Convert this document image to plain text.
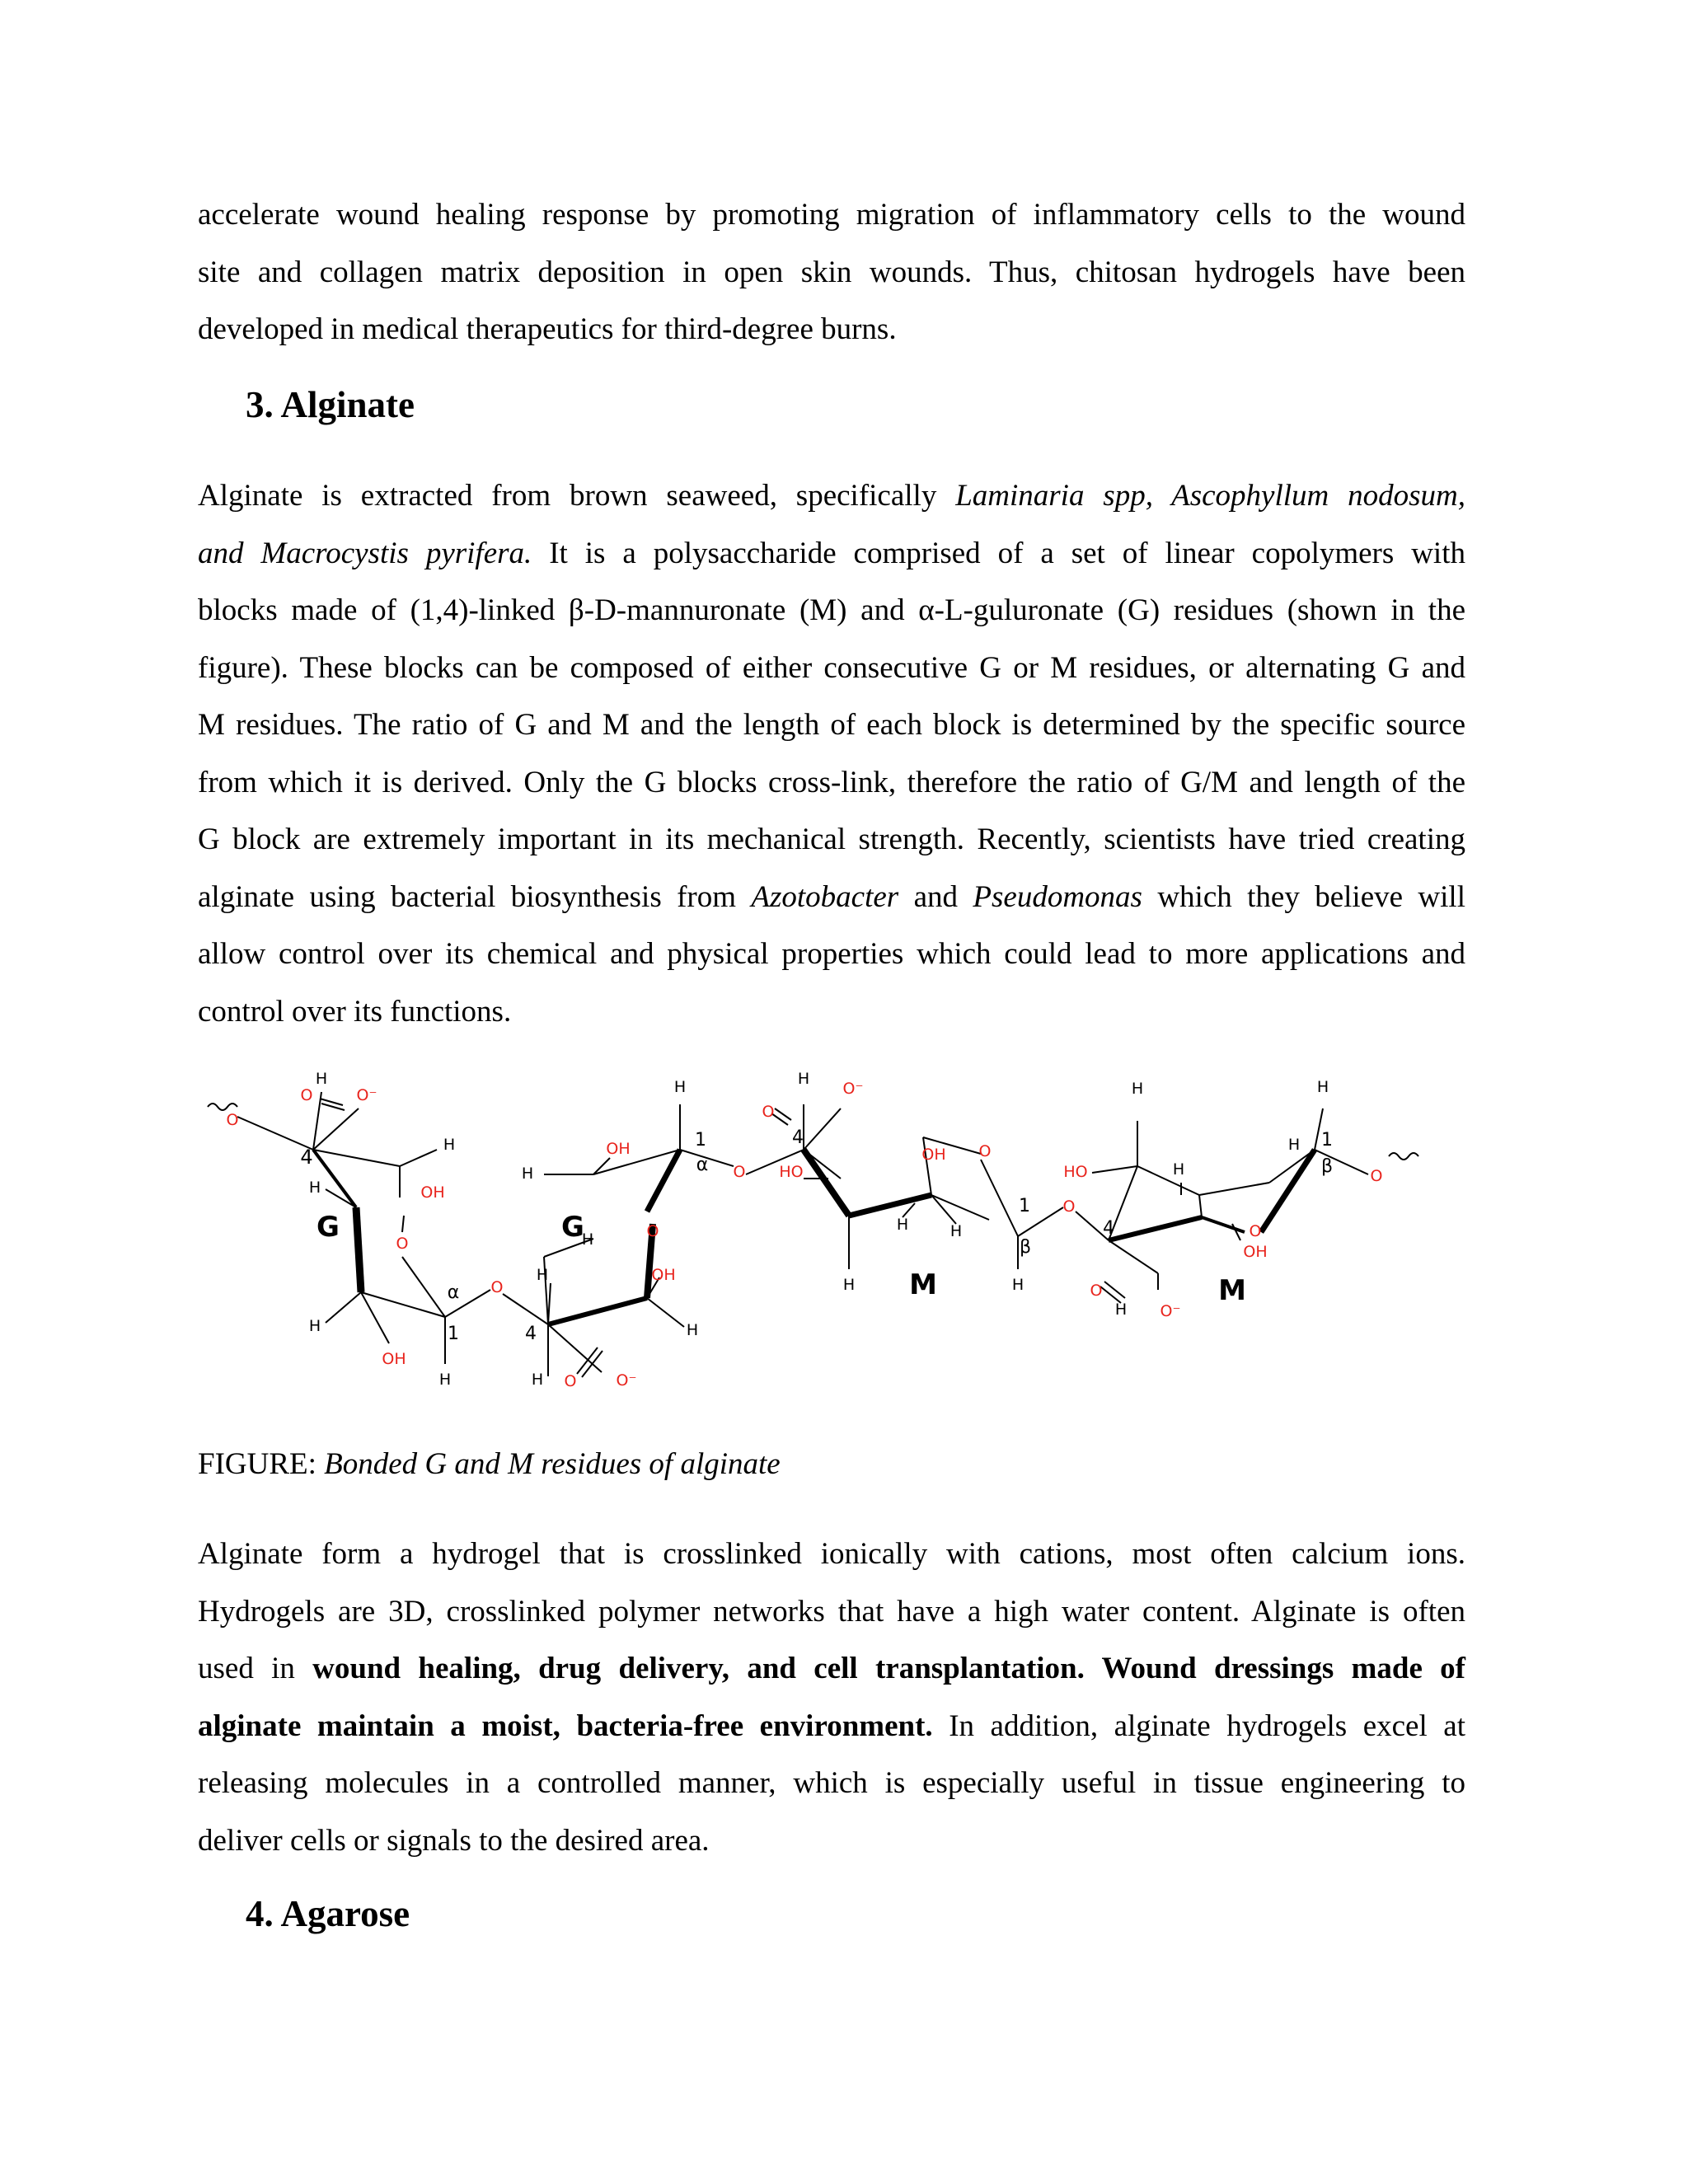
accelerate wound healing response by promoting migration of inflammatory cells to the wound
site and collagen matrix deposition in open skin wounds. Thus, chitosan hydrogels have been
developed in medical therapeutics for third-degree burns.
3. Alginate
Alginate is extracted from brown seaweed, specifically Laminaria spp, Ascophyllum nodosum,
and Macrocystis pyrifera. It is a polysaccharide comprised of a set of linear copolymers with
blocks made of (1,4)-linked β-D-mannuronate (M) and α-L-guluronate (G) residues (shown in the
figure). These blocks can be composed of either consecutive G or M residues, or alternating G and
M residues. The ratio of G and M and the length of each block is determined by the specific source
from which it is derived. Only the G blocks cross-link, therefore the ratio of G/M and length of the
G block are extremely important in its mechanical strength. Recently, scientists have tried creating
alginate using bacterial biosynthesis from Azotobacter and Pseudomonas which they believe will
allow control over its chemical and physical properties which could lead to more applications and
control over its functions.
O
4
H
O	O⁻
H
OH
H
G	O
H
OH
H
α
1
O
4
H
O
H
OH
H O	O⁻
G
H
H
OH
H
1
α O
4
H
O
O⁻
O
HO
H
H	H
OH
H
β
1
M
O
4
H
HO	H
H
O
OH
O
H O⁻
M
H
1
β O

FIGURE: Bonded G and M residues of alginate

Alginate form a hydrogel that is crosslinked ionically with cations, most often calcium ions.
Hydrogels are 3D, crosslinked polymer networks that have a high water content. Alginate is often
used in wound healing, drug delivery, and cell transplantation. Wound dressings made of
alginate maintain a moist, bacteria-free environment. In addition, alginate hydrogels excel at
releasing molecules in a controlled manner, which is especially useful in tissue engineering to
deliver cells or signals to the desired area.
4. Agarose
